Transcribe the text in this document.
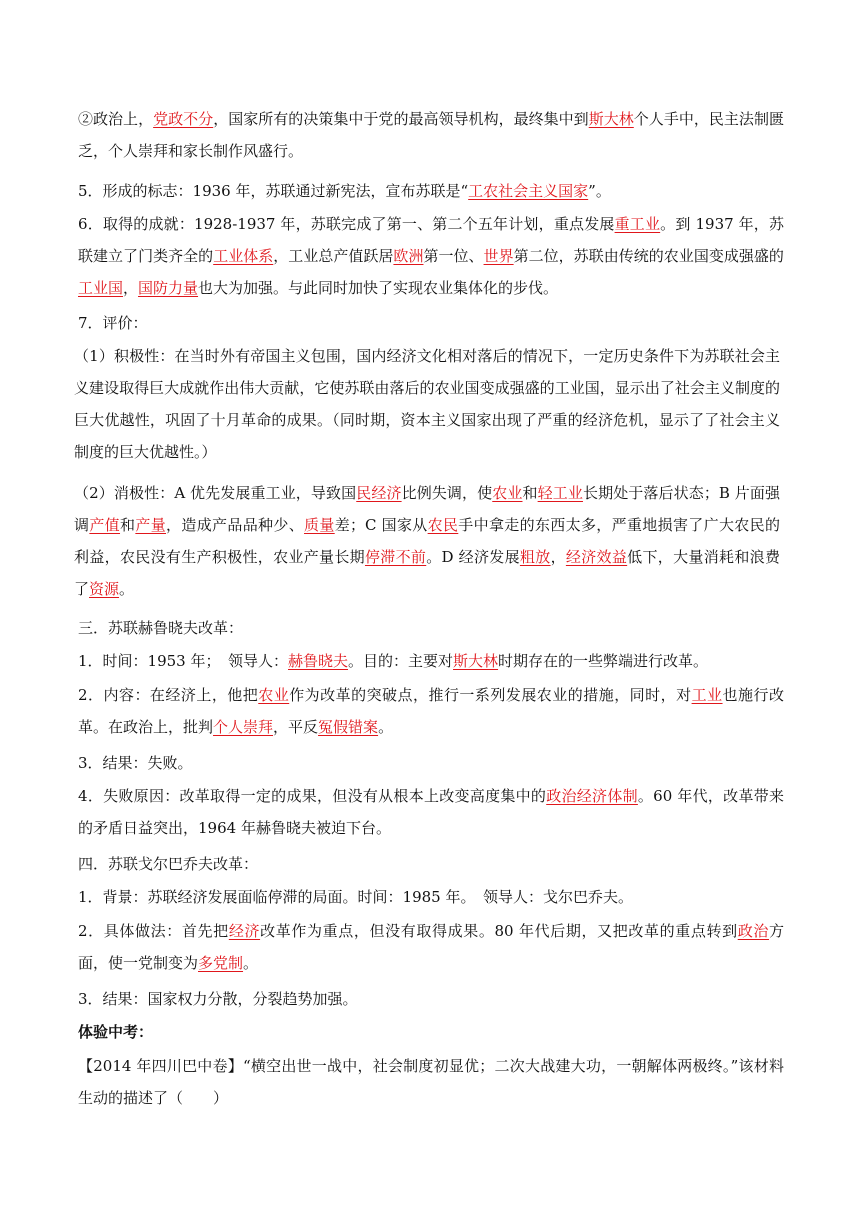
②政治上，党政不分，国家所有的决策集中于党的最高领导机构，最终集中到斯大林个人手中，民主法制匮乏，个人崇拜和家长制作风盛行。

5．形成的标志：1936 年，苏联通过新宪法，宣布苏联是“工农社会主义国家”。

6．取得的成就：1928-1937 年，苏联完成了第一、第二个五年计划，重点发展重工业。到 1937 年，苏联建立了门类齐全的工业体系，工业总产值跃居欧洲第一位、世界第二位，苏联由传统的农业国变成强盛的工业国，国防力量也大为加强。与此同时加快了实现农业集体化的步伐。

7．评价：

（1）积极性：在当时外有帝国主义包围，国内经济文化相对落后的情况下，一定历史条件下为苏联社会主义建设取得巨大成就作出伟大贡献，它使苏联由落后的农业国变成强盛的工业国，显示出了社会主义制度的巨大优越性，巩固了十月革命的成果。（同时期，资本主义国家出现了严重的经济危机，显示了了社会主义制度的巨大优越性。）

（2）消极性：A 优先发展重工业，导致国民经济比例失调，使农业和轻工业长期处于落后状态；B 片面强调产值和产量，造成产品品种少、质量差；C 国家从农民手中拿走的东西太多，严重地损害了广大农民的利益，农民没有生产积极性，农业产量长期停滞不前。D 经济发展粗放，经济效益低下，大量消耗和浪费了资源。

三．苏联赫鲁晓夫改革：

1．时间：1953 年；　领导人：赫鲁晓夫。目的：主要对斯大林时期存在的一些弊端进行改革。

2．内容：在经济上，他把农业作为改革的突破点，推行一系列发展农业的措施，同时，对工业也施行改革。在政治上，批判个人崇拜，平反冤假错案。

3．结果：失败。

4．失败原因：改革取得一定的成果，但没有从根本上改变高度集中的政治经济体制。60 年代，改革带来的矛盾日益突出，1964 年赫鲁晓夫被迫下台。

四．苏联戈尔巴乔夫改革：

1．背景：苏联经济发展面临停滞的局面。时间：1985 年。　领导人：戈尔巴乔夫。

2．具体做法：首先把经济改革作为重点，但没有取得成果。80 年代后期，又把改革的重点转到政治方面，使一党制变为多党制。

3．结果：国家权力分散，分裂趋势加强。

体验中考：

【2014 年四川巴中卷】“横空出世一战中，社会制度初显优；二次大战建大功，一朝解体两极终。”该材料生动的描述了（　　）
